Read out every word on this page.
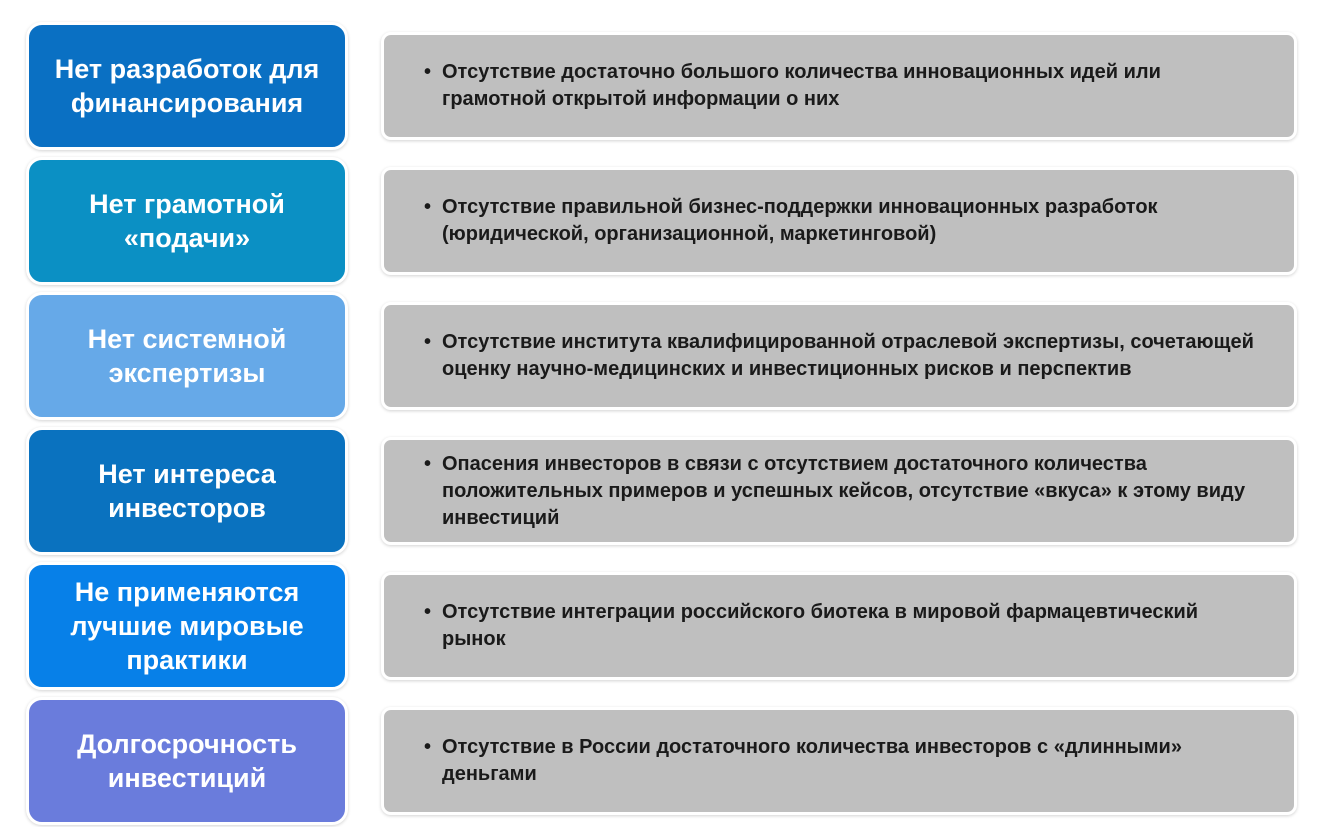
Нет разработок для финансирования
• Отсутствие достаточно большого количества инновационных идей или грамотной открытой информации о них
Нет грамотной «подачи»
• Отсутствие правильной бизнес-поддержки инновационных разработок (юридической, организационной, маркетинговой)
Нет системной экспертизы
• Отсутствие института квалифицированной отраслевой экспертизы, сочетающей оценку научно-медицинских и инвестиционных рисков и перспектив
Нет интереса инвесторов
• Опасения инвесторов в связи с отсутствием достаточного количества положительных примеров и успешных кейсов, отсутствие «вкуса» к этому виду инвестиций
Не применяются лучшие мировые практики
• Отсутствие интеграции российского биотека в мировой фармацевтический рынок
Долгосрочность инвестиций
• Отсутствие в России достаточного количества инвесторов с «длинными» деньгами
